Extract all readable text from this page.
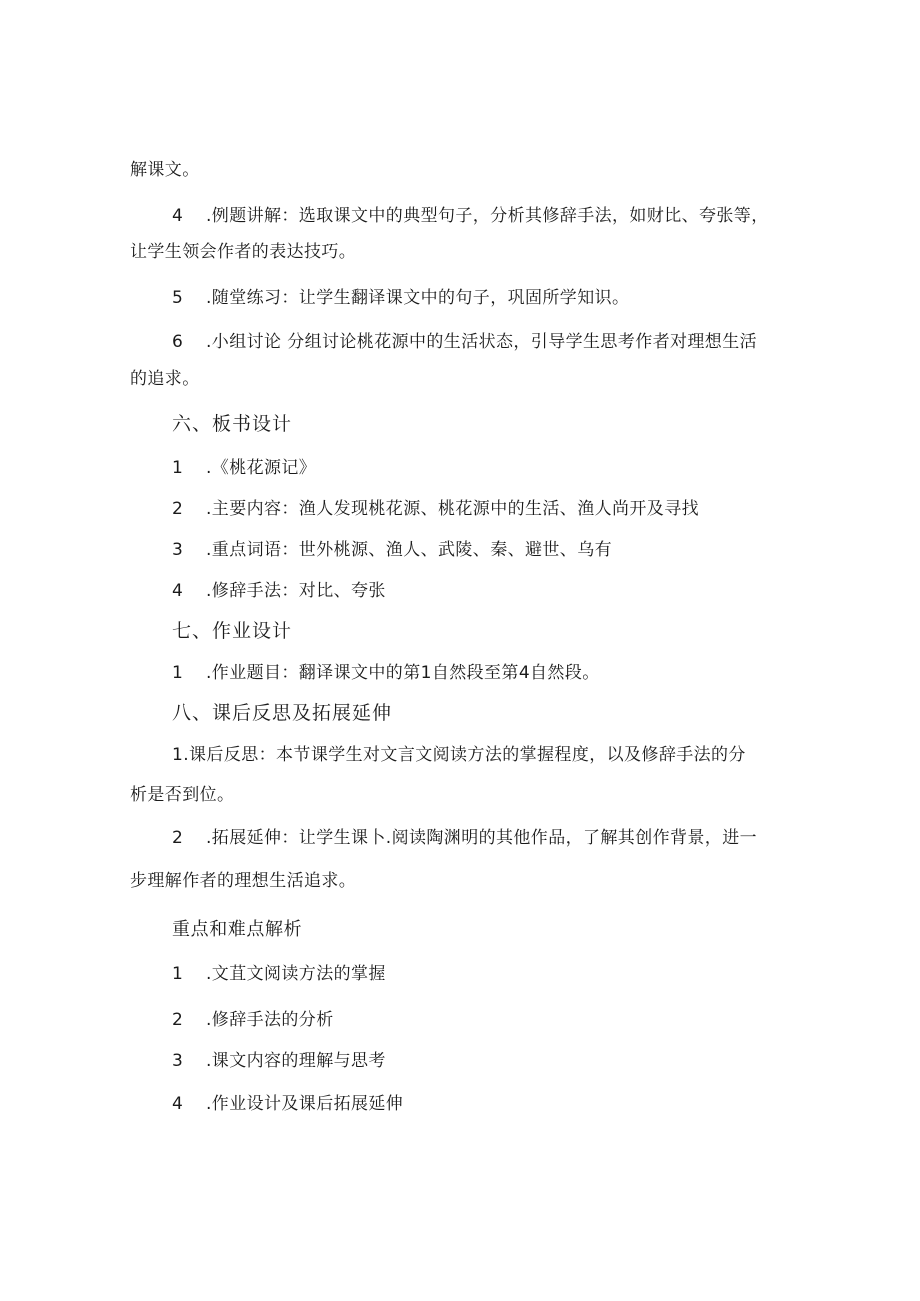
解课文。
4 .例题讲解：选取课文中的典型句子，分析其修辞手法，如财比、夸张等，
让学生领会作者的表达技巧。
5 .随堂练习：让学生翻译课文中的句子，巩固所学知识。
6 .小组讨论 分组讨论桃花源中的生活状态，引导学生思考作者对理想生活
的追求。
六、板书设计
1 .《桃花源记》
2 .主要内容：渔人发现桃花源、桃花源中的生活、渔人尚开及寻找
3 .重点词语：世外桃源、渔人、武陵、秦、避世、乌有
4 .修辞手法：对比、夸张
七、作业设计
1 .作业题目：翻译课文中的第1自然段至第4自然段。
八、课后反思及拓展延伸
1.课后反思：本节课学生对文言文阅读方法的掌握程度，以及修辞手法的分
析是否到位。
2 .拓展延伸：让学生课卜.阅读陶渊明的其他作品，了解其创作背景，进一
步理解作者的理想生活追求。
重点和难点解析
1 .文苴文阅读方法的掌握
2 .修辞手法的分析
3 .课文内容的理解与思考
4 .作业设计及课后拓展延伸
